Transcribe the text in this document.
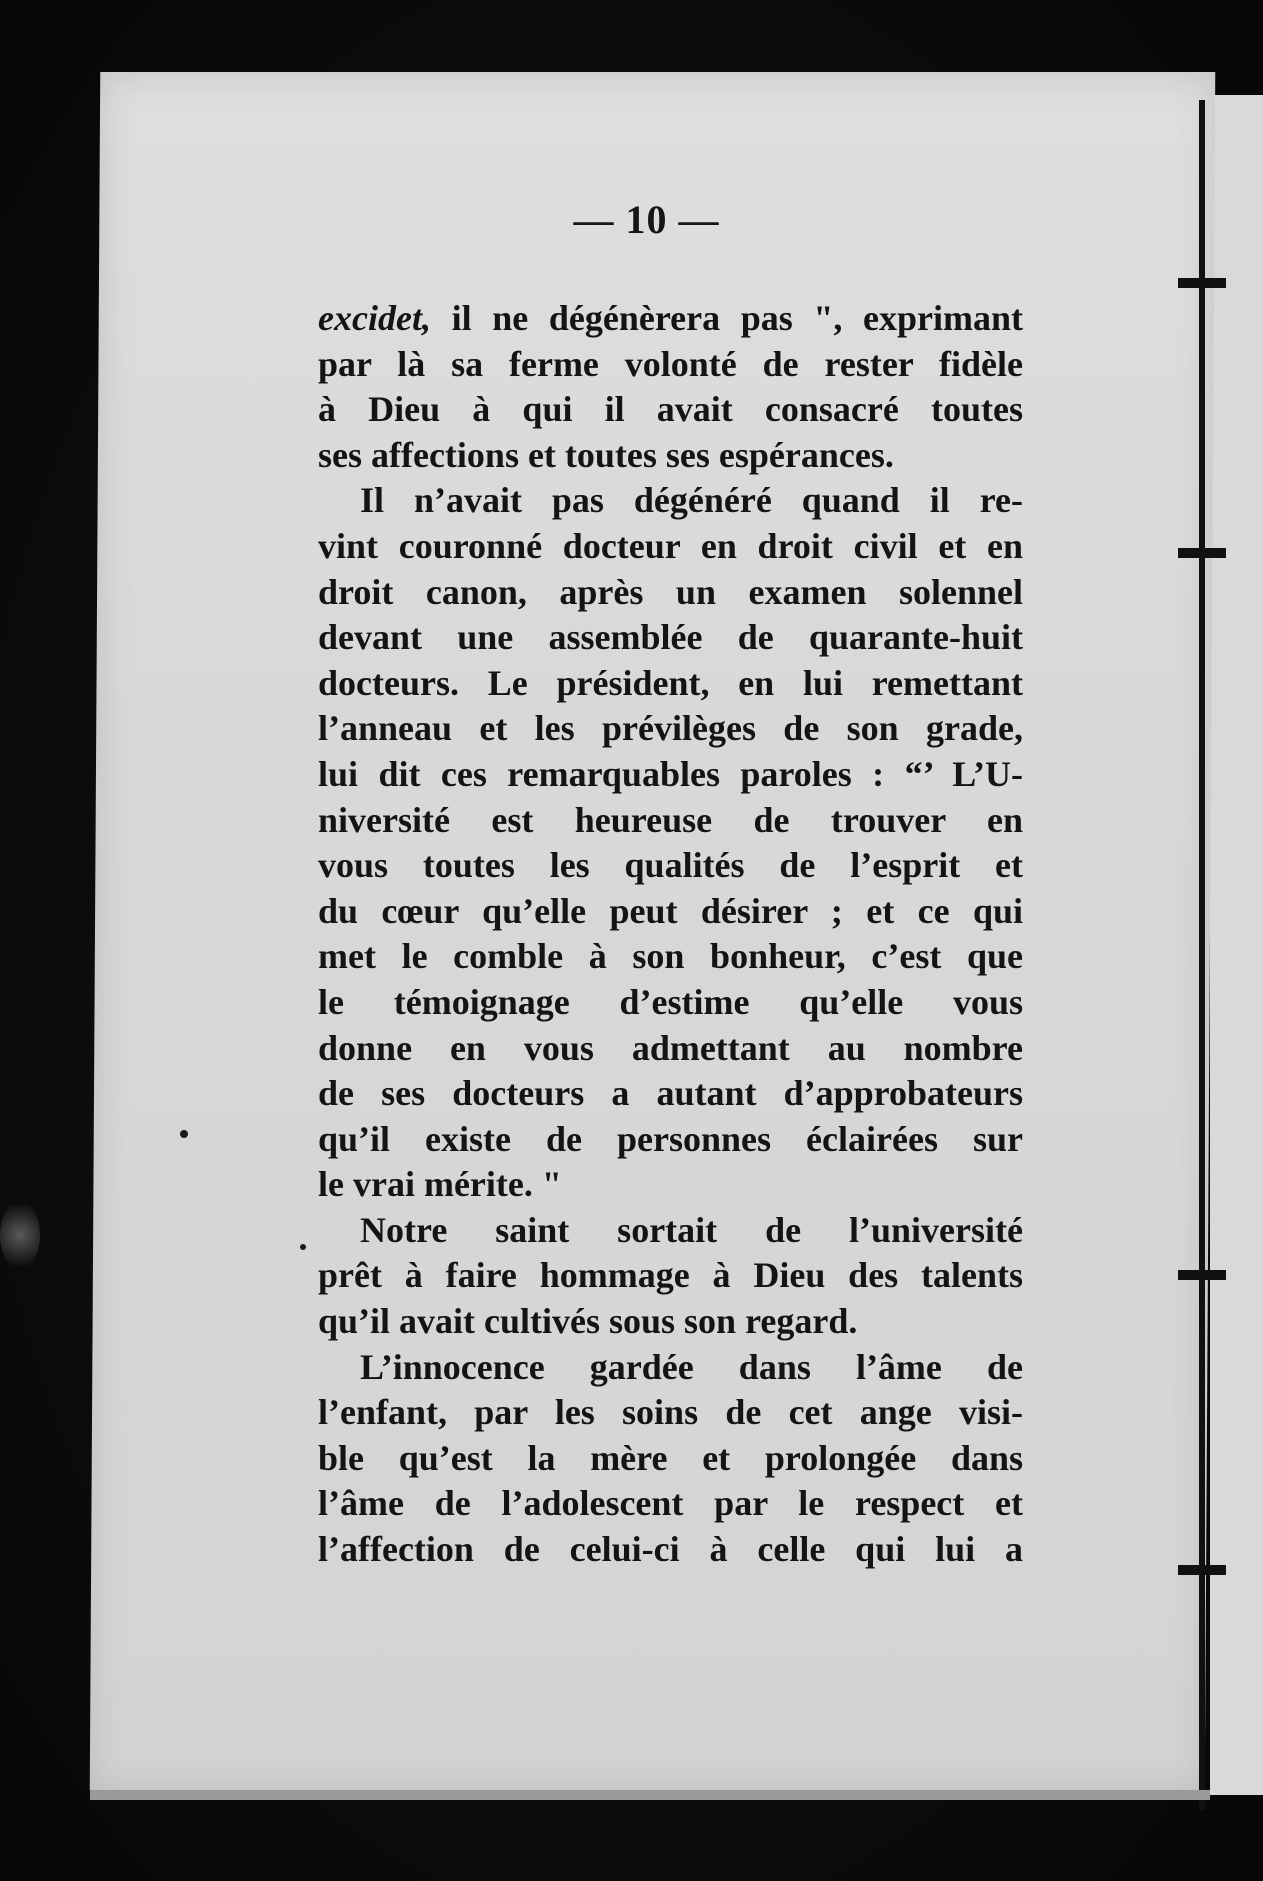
— 10 —
excidet, il ne dégénèrera pas ", exprimant
par là sa ferme volonté de rester fidèle
à Dieu à qui il avait consacré toutes
ses affections et toutes ses espérances.
Il n’avait pas dégénéré quand il re-
vint couronné docteur en droit civil et en
droit canon, après un examen solennel
devant une assemblée de quarante-huit
docteurs. Le président, en lui remettant
l’anneau et les prévilèges de son grade,
lui dit ces remarquables paroles : “’ L’U-
niversité est heureuse de trouver en
vous toutes les qualités de l’esprit et
du cœur qu’elle peut désirer ; et ce qui
met le comble à son bonheur, c’est que
le témoignage d’estime qu’elle vous
donne en vous admettant au nombre
de ses docteurs a autant d’approbateurs
qu’il existe de personnes éclairées sur
le vrai mérite. "
Notre saint sortait de l’université
prêt à faire hommage à Dieu des talents
qu’il avait cultivés sous son regard.
L’innocence gardée dans l’âme de
l’enfant, par les soins de cet ange visi-
ble qu’est la mère et prolongée dans
l’âme de l’adolescent par le respect et
l’affection de celui-ci à celle qui lui a
